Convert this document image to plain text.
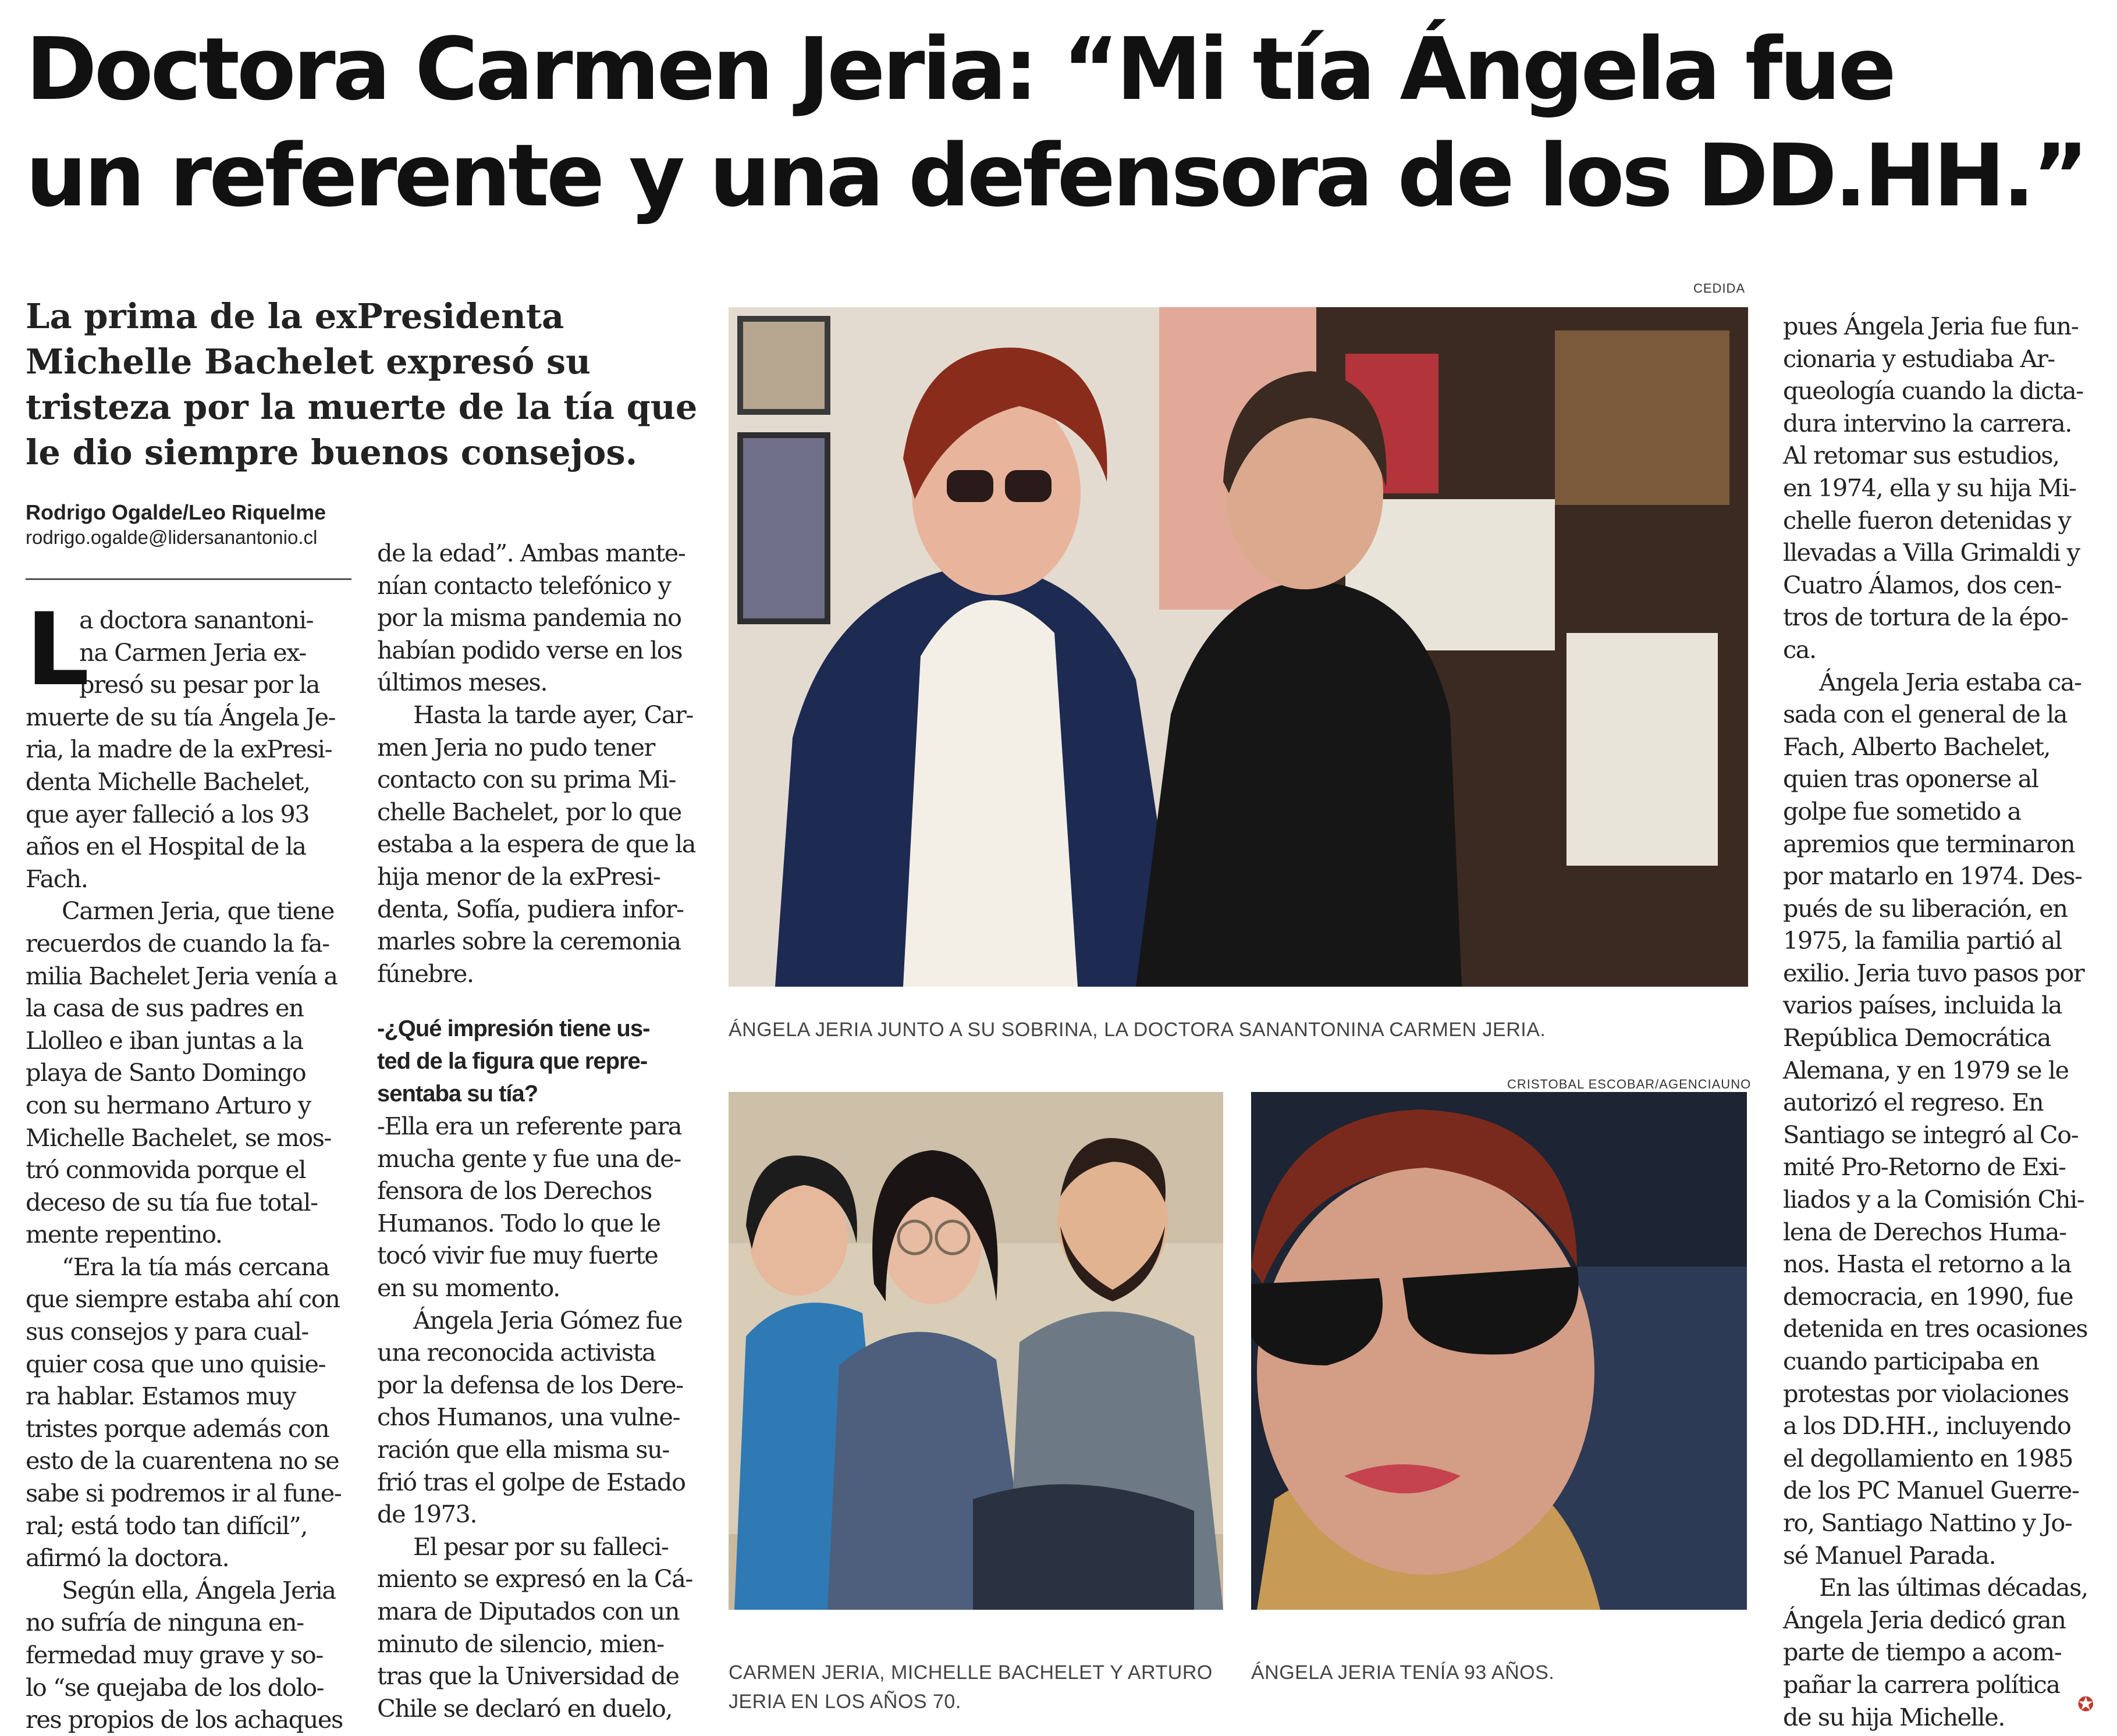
Doctora Carmen Jeria: “Mi tía Ángela fue
un referente y una defensora de los DD.HH.”
La prima de la exPresidenta
Michelle Bachelet expresó su
tristeza por la muerte de la tía que
le dio siempre buenos consejos.
Rodrigo Ogalde/Leo Riquelme
rodrigo.ogalde@lidersanantonio.cl
L
a doctora sanantoni-
na Carmen Jeria ex-
presó su pesar por la
muerte de su tía Ángela Je-
ria, la madre de la exPresi-
denta Michelle Bachelet,
que ayer falleció a los 93
años en el Hospital de la
Fach.
Carmen Jeria, que tiene
recuerdos de cuando la fa-
milia Bachelet Jeria venía a
la casa de sus padres en
Llolleo e iban juntas a la
playa de Santo Domingo
con su hermano Arturo y
Michelle Bachelet, se mos-
tró conmovida porque el
deceso de su tía fue total-
mente repentino.
“Era la tía más cercana
que siempre estaba ahí con
sus consejos y para cual-
quier cosa que uno quisie-
ra hablar. Estamos muy
tristes porque además con
esto de la cuarentena no se
sabe si podremos ir al fune-
ral; está todo tan difícil”,
afirmó la doctora.
Según ella, Ángela Jeria
no sufría de ninguna en-
fermedad muy grave y so-
lo “se quejaba de los dolo-
res propios de los achaques
de la edad”. Ambas mante-
nían contacto telefónico y
por la misma pandemia no
habían podido verse en los
últimos meses.
Hasta la tarde ayer, Car-
men Jeria no pudo tener
contacto con su prima Mi-
chelle Bachelet, por lo que
estaba a la espera de que la
hija menor de la exPresi-
denta, Sofía, pudiera infor-
marles sobre la ceremonia
fúnebre.
-¿Qué impresión tiene us-
ted de la figura que repre-
sentaba su tía?
-Ella era un referente para
mucha gente y fue una de-
fensora de los Derechos
Humanos. Todo lo que le
tocó vivir fue muy fuerte
en su momento.
Ángela Jeria Gómez fue
una reconocida activista
por la defensa de los Dere-
chos Humanos, una vulne-
ración que ella misma su-
frió tras el golpe de Estado
de 1973.
El pesar por su falleci-
miento se expresó en la Cá-
mara de Diputados con un
minuto de silencio, mien-
tras que la Universidad de
Chile se declaró en duelo,
CEDIDA
ÁNGELA JERIA JUNTO A SU SOBRINA, LA DOCTORA SANANTONINA CARMEN JERIA.
CRISTOBAL ESCOBAR/AGENCIAUNO
CARMEN JERIA, MICHELLE BACHELET Y ARTURO
JERIA EN LOS AÑOS 70.
ÁNGELA JERIA TENÍA 93 AÑOS.
pues Ángela Jeria fue fun-
cionaria y estudiaba Ar-
queología cuando la dicta-
dura intervino la carrera.
Al retomar sus estudios,
en 1974, ella y su hija Mi-
chelle fueron detenidas y
llevadas a Villa Grimaldi y
Cuatro Álamos, dos cen-
tros de tortura de la épo-
ca.
Ángela Jeria estaba ca-
sada con el general de la
Fach, Alberto Bachelet,
quien tras oponerse al
golpe fue sometido a
apremios que terminaron
por matarlo en 1974. Des-
pués de su liberación, en
1975, la familia partió al
exilio. Jeria tuvo pasos por
varios países, incluida la
República Democrática
Alemana, y en 1979 se le
autorizó el regreso. En
Santiago se integró al Co-
mité Pro-Retorno de Exi-
liados y a la Comisión Chi-
lena de Derechos Huma-
nos. Hasta el retorno a la
democracia, en 1990, fue
detenida en tres ocasiones
cuando participaba en
protestas por violaciones
a los DD.HH., incluyendo
el degollamiento en 1985
de los PC Manuel Guerre-
ro, Santiago Nattino y Jo-
sé Manuel Parada.
En las últimas décadas,
Ángela Jeria dedicó gran
parte de tiempo a acom-
pañar la carrera política
de su hija Michelle.	✪
